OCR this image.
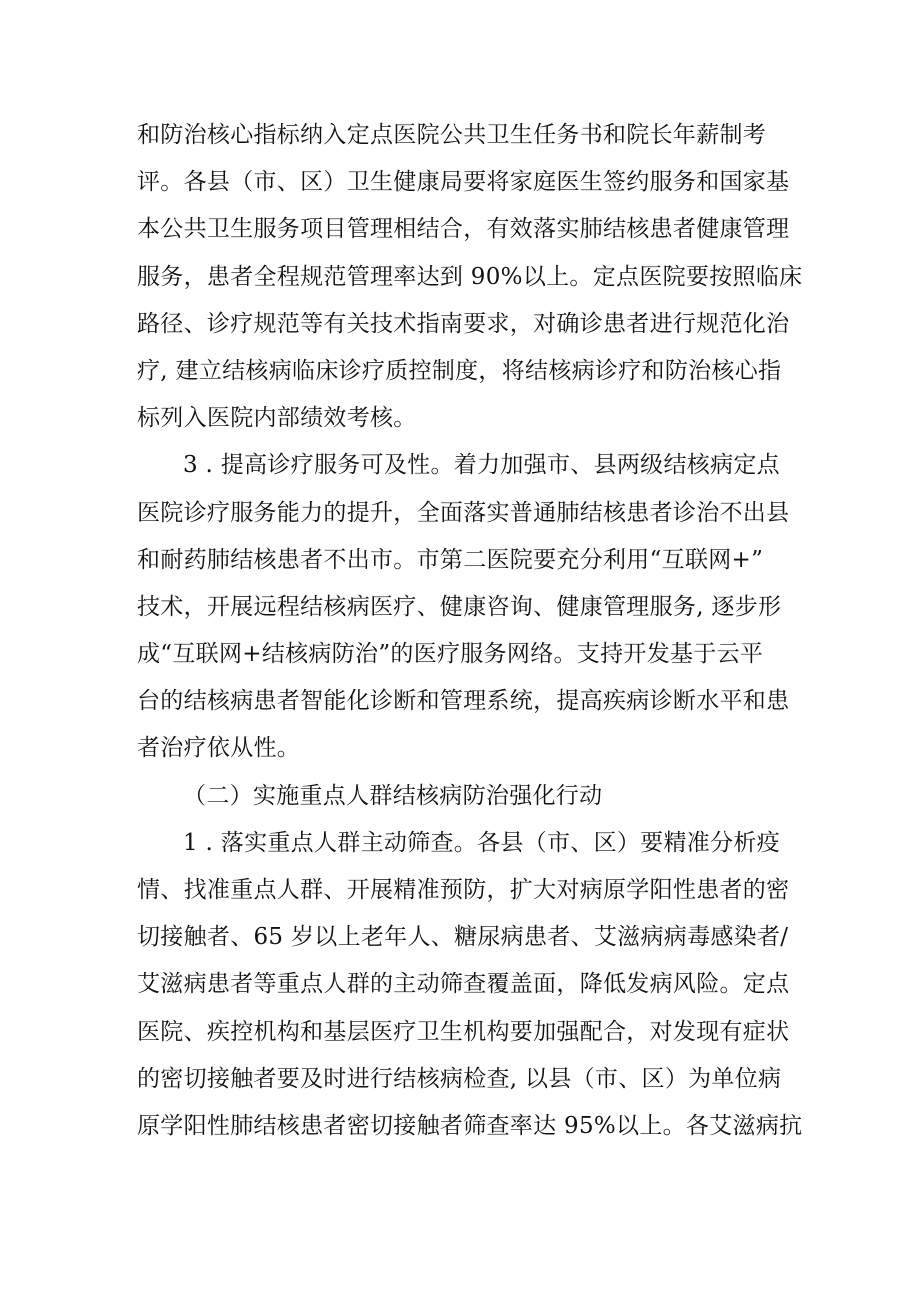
和防治核心指标纳入定点医院公共卫生任务书和院长年薪制考
评。各县（市、区）卫生健康局要将家庭医生签约服务和国家基
本公共卫生服务项目管理相结合，有效落实肺结核患者健康管理
服务，患者全程规范管理率达到 90%以上。定点医院要按照临床
路径、诊疗规范等有关技术指南要求，对确诊患者进行规范化治
疗, 建立结核病临床诊疗质控制度，将结核病诊疗和防治核心指
标列入医院内部绩效考核。
3 . 提高诊疗服务可及性。着力加强市、县两级结核病定点
医院诊疗服务能力的提升，全面落实普通肺结核患者诊治不出县
和耐药肺结核患者不出市。市第二医院要充分利用“互联网+”
技术，开展远程结核病医疗、健康咨询、健康管理服务, 逐步形
成“互联网+结核病防治”的医疗服务网络。支持开发基于云平
台的结核病患者智能化诊断和管理系统，提高疾病诊断水平和患
者治疗依从性。
（二）实施重点人群结核病防治强化行动
1 . 落实重点人群主动筛查。各县（市、区）要精准分析疫
情、找准重点人群、开展精准预防，扩大对病原学阳性患者的密
切接触者、65 岁以上老年人、糖尿病患者、艾滋病病毒感染者/
艾滋病患者等重点人群的主动筛查覆盖面，降低发病风险。定点
医院、疾控机构和基层医疗卫生机构要加强配合，对发现有症状
的密切接触者要及时进行结核病检查, 以县（市、区）为单位病
原学阳性肺结核患者密切接触者筛查率达 95%以上。各艾滋病抗
